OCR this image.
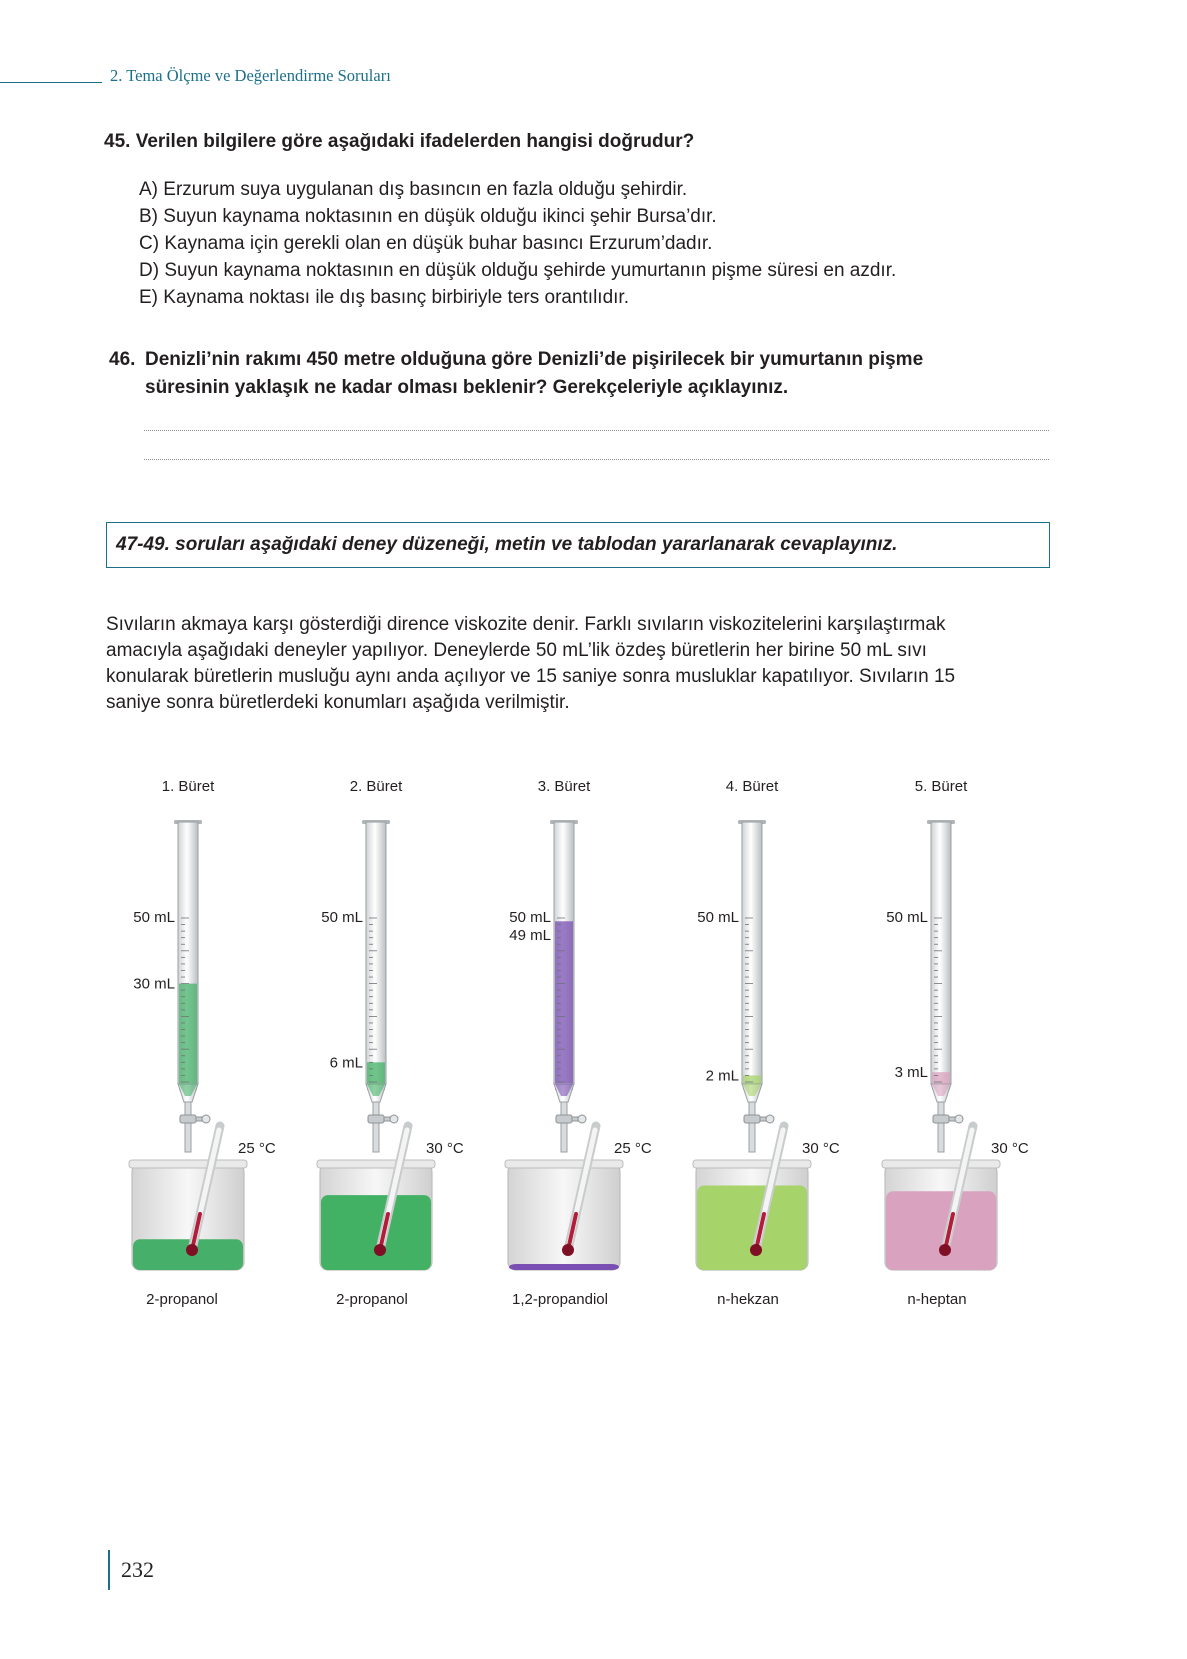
2. Tema Ölçme ve Değerlendirme Soruları
45. Verilen bilgilere göre aşağıdaki ifadelerden hangisi doğrudur?
A) Erzurum suya uygulanan dış basıncın en fazla olduğu şehirdir.
B) Suyun kaynama noktasının en düşük olduğu ikinci şehir Bursa’dır.
C) Kaynama için gerekli olan en düşük buhar basıncı Erzurum’dadır.
D) Suyun kaynama noktasının en düşük olduğu şehirde yumurtanın pişme süresi en azdır.
E) Kaynama noktası ile dış basınç birbiriyle ters orantılıdır.
46. Denizli’nin rakımı 450 metre olduğuna göre Denizli’de pişirilecek bir yumurtanın pişme
süresinin yaklaşık ne kadar olması beklenir? Gerekçeleriyle açıklayınız.
47-49. soruları aşağıdaki deney düzeneği, metin ve tablodan yararlanarak cevaplayınız.
Sıvıların akmaya karşı gösterdiği dirence viskozite denir. Farklı sıvıların viskozitelerini karşılaştırmak
amacıyla aşağıdaki deneyler yapılıyor. Deneylerde 50 mL’lik özdeş büretlerin her birine 50 mL sıvı
konularak büretlerin musluğu aynı anda açılıyor ve 15 saniye sonra musluklar kapatılıyor. Sıvıların 15
saniye sonra büretlerdeki konumları aşağıda verilmiştir.
1. Büret
50 mL
30 mL
25 °C
2-propanol
2. Büret
50 mL
6 mL
30 °C
2-propanol
3. Büret
50 mL
49 mL
25 °C
1,2-propandiol
4. Büret
50 mL
2 mL
30 °C
n-hekzan
5. Büret
50 mL
3 mL
30 °C
n-heptan
232
